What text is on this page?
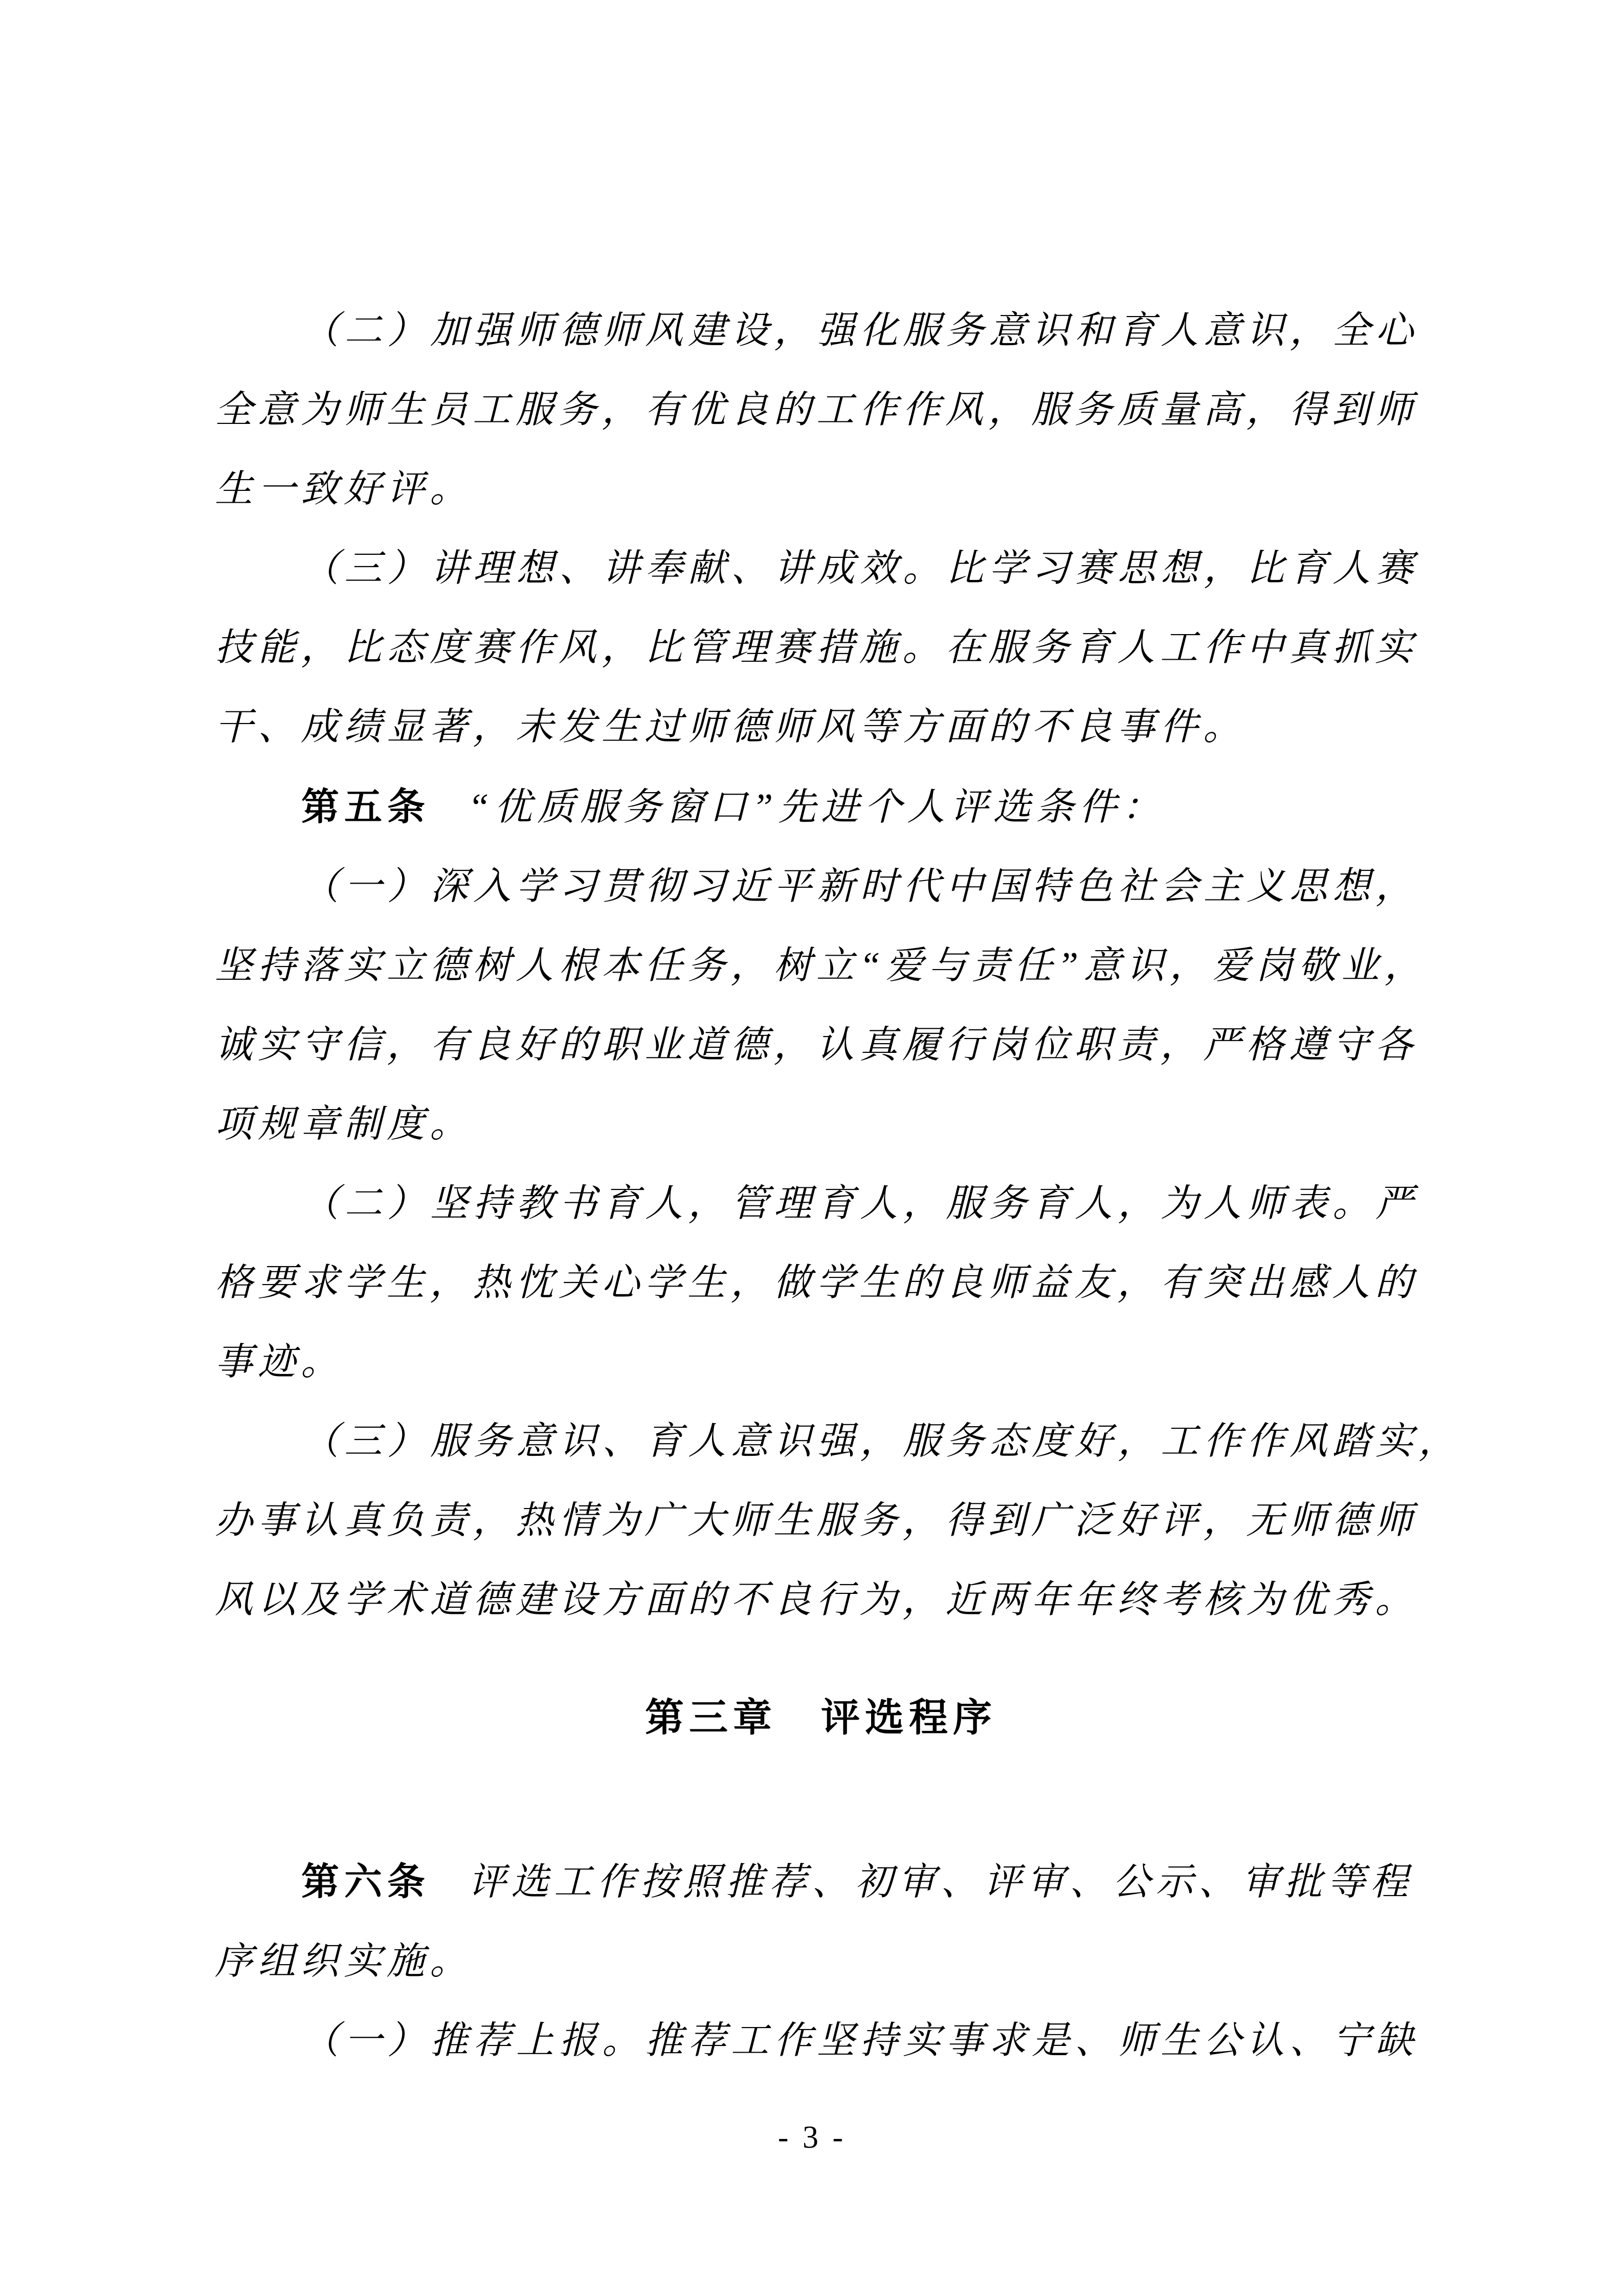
（二）加强师德师风建设，强化服务意识和育人意识，全心
全意为师生员工服务，有优良的工作作风，服务质量高，得到师
生一致好评。
（三）讲理想、讲奉献、讲成效。比学习赛思想，比育人赛
技能，比态度赛作风，比管理赛措施。在服务育人工作中真抓实
干、成绩显著，未发生过师德师风等方面的不良事件。
第五条 “优质服务窗口”先进个人评选条件：
（一）深入学习贯彻习近平新时代中国特色社会主义思想，
坚持落实立德树人根本任务，树立“爱与责任”意识，爱岗敬业，
诚实守信，有良好的职业道德，认真履行岗位职责，严格遵守各
项规章制度。
（二）坚持教书育人，管理育人，服务育人，为人师表。严
格要求学生，热忱关心学生，做学生的良师益友，有突出感人的
事迹。
（三）服务意识、育人意识强，服务态度好，工作作风踏实，
办事认真负责，热情为广大师生服务，得到广泛好评，无师德师
风以及学术道德建设方面的不良行为，近两年年终考核为优秀。
第三章　评选程序
第六条 评选工作按照推荐、初审、评审、公示、审批等程
序组织实施。
（一）推荐上报。推荐工作坚持实事求是、师生公认、宁缺
- 3 -
